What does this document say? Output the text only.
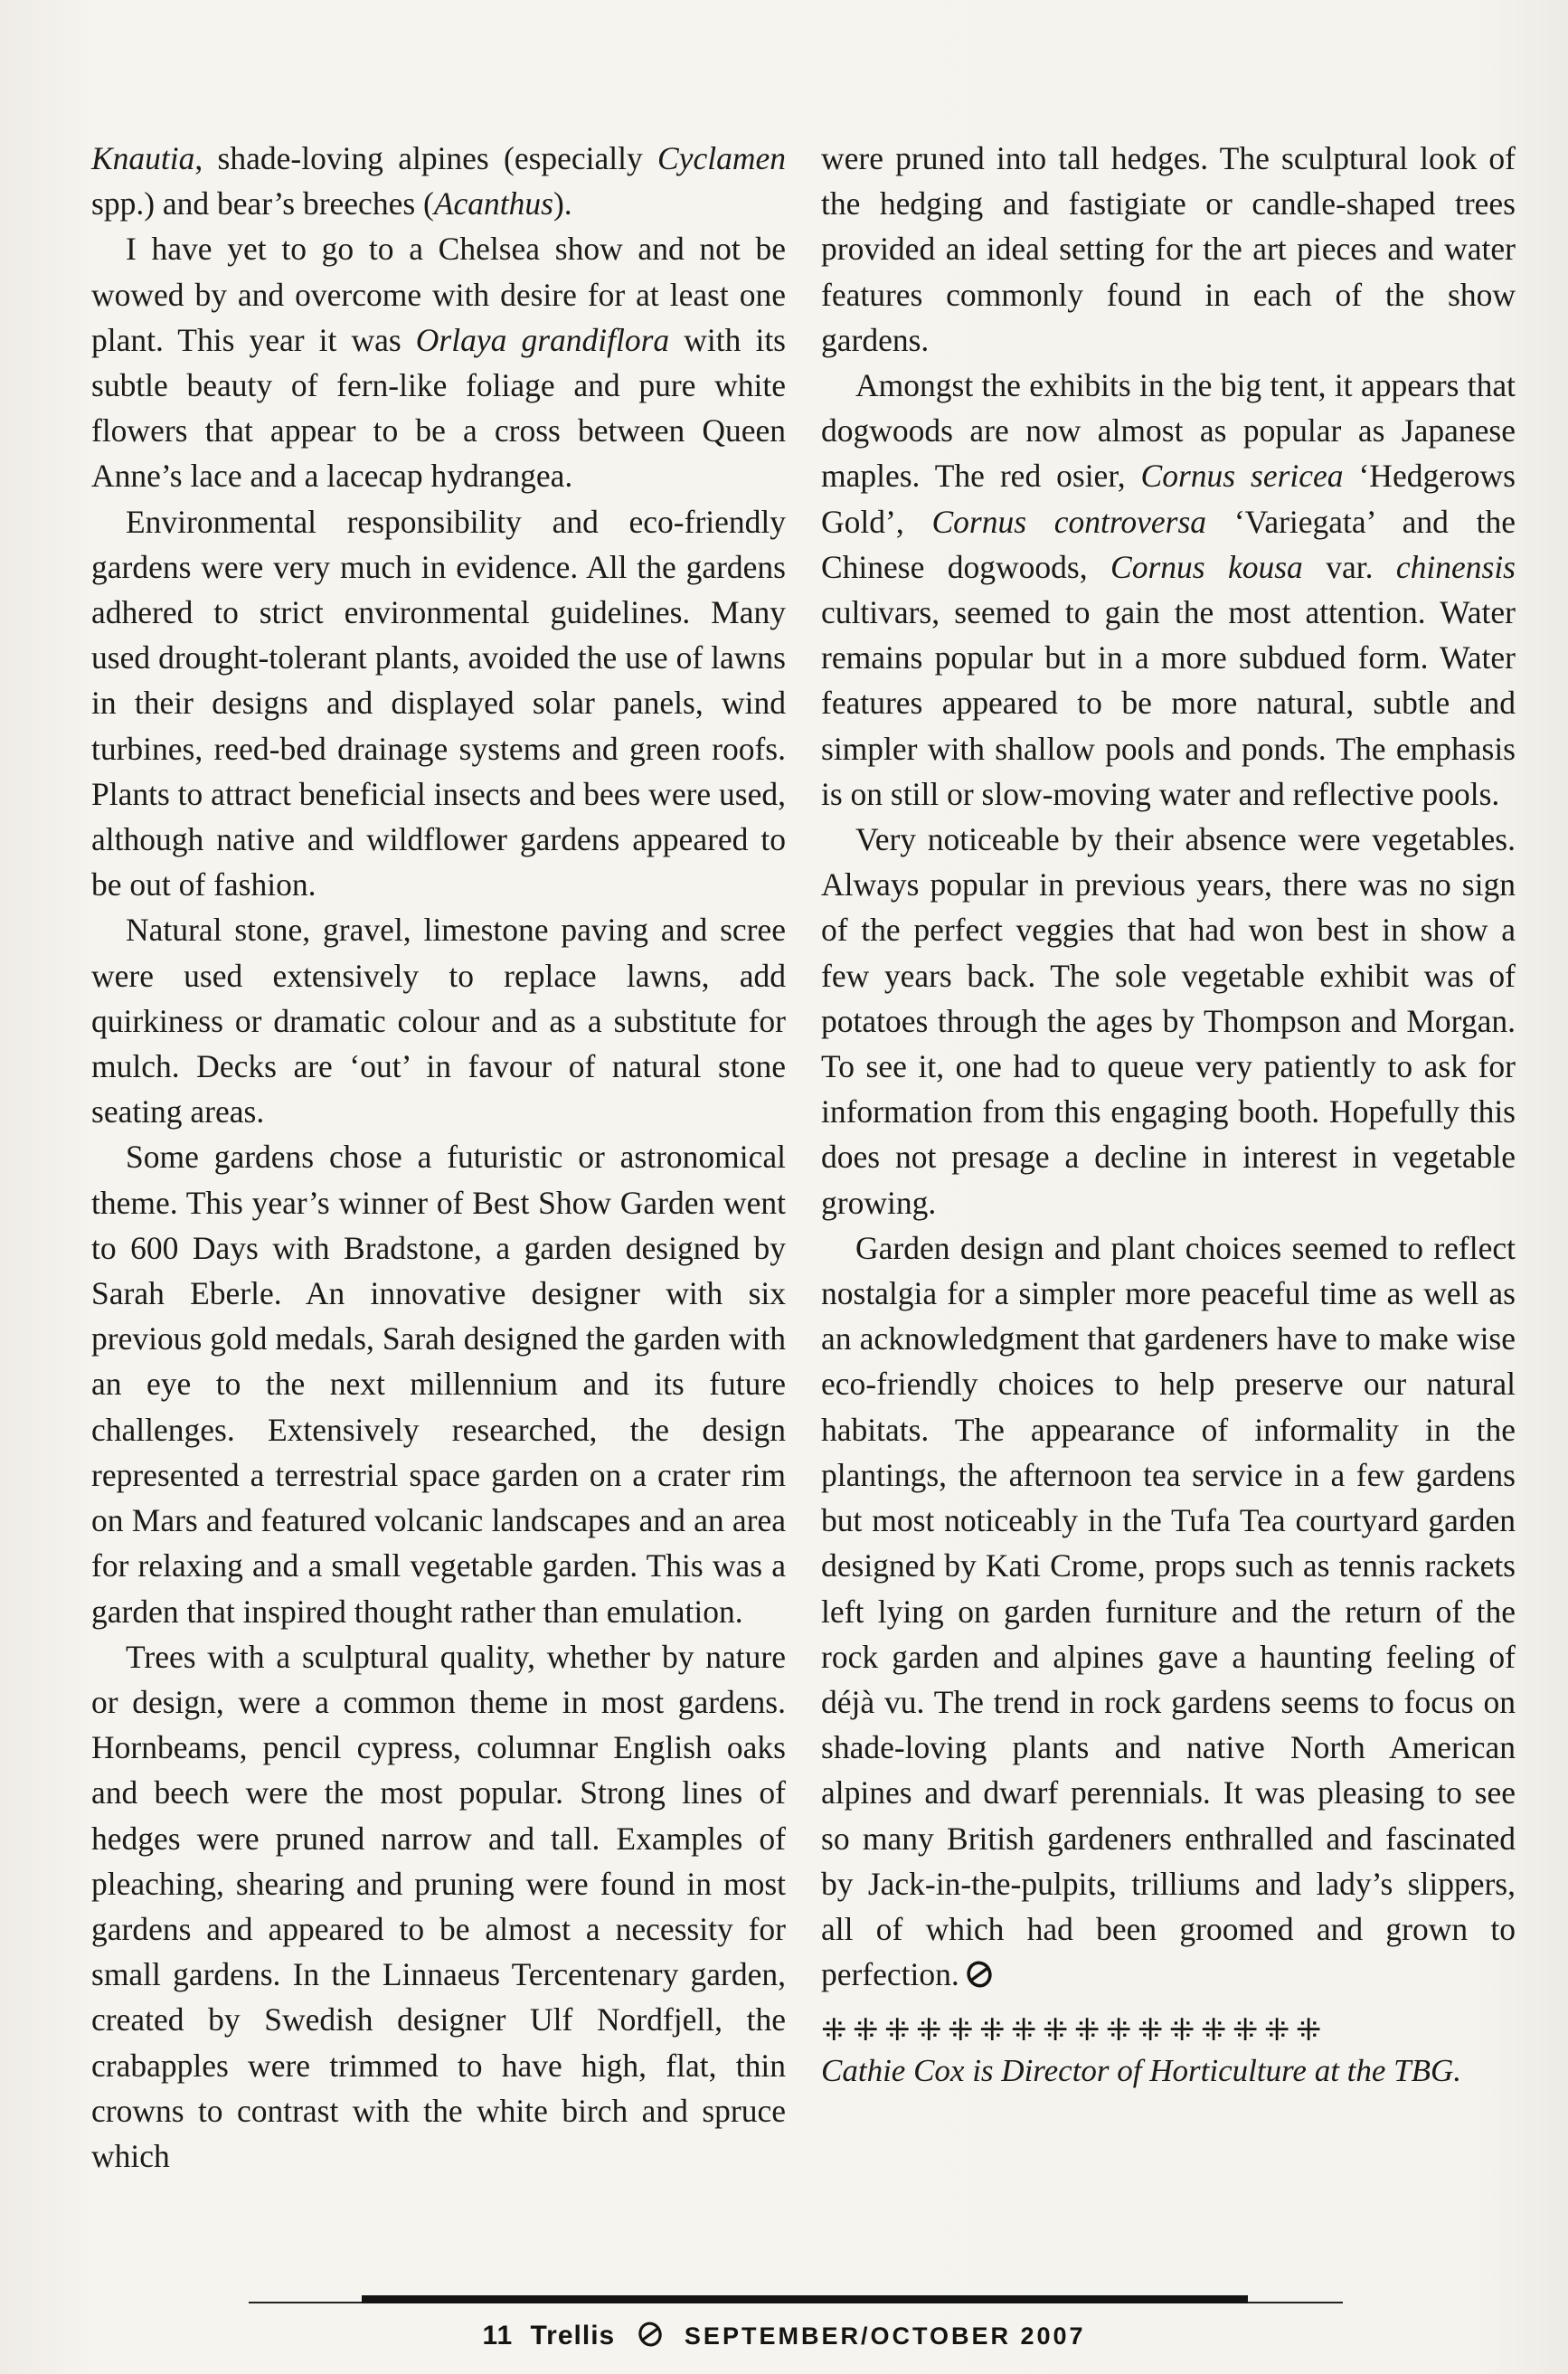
Knautia, shade-loving alpines (especially Cyclamen spp.) and bear’s breeches (Acanthus).

I have yet to go to a Chelsea show and not be wowed by and overcome with desire for at least one plant. This year it was Orlaya grandiflora with its subtle beauty of fern-like foliage and pure white flowers that appear to be a cross between Queen Anne’s lace and a lacecap hydrangea.

Environmental responsibility and eco-friendly gardens were very much in evidence. All the gardens adhered to strict environmental guidelines. Many used drought-tolerant plants, avoided the use of lawns in their designs and displayed solar panels, wind turbines, reed-bed drainage systems and green roofs. Plants to attract beneficial insects and bees were used, although native and wildflower gardens appeared to be out of fashion.

Natural stone, gravel, limestone paving and scree were used extensively to replace lawns, add quirkiness or dramatic colour and as a substitute for mulch. Decks are ‘out’ in favour of natural stone seating areas.

Some gardens chose a futuristic or astronomical theme. This year’s winner of Best Show Garden went to 600 Days with Bradstone, a garden designed by Sarah Eberle. An innovative designer with six previous gold medals, Sarah designed the garden with an eye to the next millennium and its future challenges. Extensively researched, the design represented a terrestrial space garden on a crater rim on Mars and featured volcanic landscapes and an area for relaxing and a small vegetable garden. This was a garden that inspired thought rather than emulation.

Trees with a sculptural quality, whether by nature or design, were a common theme in most gardens. Hornbeams, pencil cypress, columnar English oaks and beech were the most popular. Strong lines of hedges were pruned narrow and tall. Examples of pleaching, shearing and pruning were found in most gardens and appeared to be almost a necessity for small gardens. In the Linnaeus Tercentenary garden, created by Swedish designer Ulf Nordfjell, the crabapples were trimmed to have high, flat, thin crowns to contrast with the white birch and spruce which

were pruned into tall hedges. The sculptural look of the hedging and fastigiate or candle-shaped trees provided an ideal setting for the art pieces and water features commonly found in each of the show gardens.

Amongst the exhibits in the big tent, it appears that dogwoods are now almost as popular as Japanese maples. The red osier, Cornus sericea ‘Hedgerows Gold’, Cornus controversa ‘Variegata’ and the Chinese dogwoods, Cornus kousa var. chinensis cultivars, seemed to gain the most attention. Water remains popular but in a more subdued form. Water features appeared to be more natural, subtle and simpler with shallow pools and ponds. The emphasis is on still or slow-moving water and reflective pools.

Very noticeable by their absence were vegetables. Always popular in previous years, there was no sign of the perfect veggies that had won best in show a few years back. The sole vegetable exhibit was of potatoes through the ages by Thompson and Morgan. To see it, one had to queue very patiently to ask for information from this engaging booth. Hopefully this does not presage a decline in interest in vegetable growing.

Garden design and plant choices seemed to reflect nostalgia for a simpler more peaceful time as well as an acknowledgment that gardeners have to make wise eco-friendly choices to help preserve our natural habitats. The appearance of informality in the plantings, the afternoon tea service in a few gardens but most noticeably in the Tufa Tea courtyard garden designed by Kati Crome, props such as tennis rackets left lying on garden furniture and the return of the rock garden and alpines gave a haunting feeling of déjà vu. The trend in rock gardens seems to focus on shade-loving plants and native North American alpines and dwarf perennials. It was pleasing to see so many British gardeners enthralled and fascinated by Jack-in-the-pulpits, trilliums and lady’s slippers, all of which had been groomed and grown to perfection.

⁜⁜⁜⁜⁜⁜⁜⁜⁜⁜⁜⁜⁜⁜⁜⁜

Cathie Cox is Director of Horticulture at the TBG.

11 Trellis	SEPTEMBER/OCTOBER 2007
